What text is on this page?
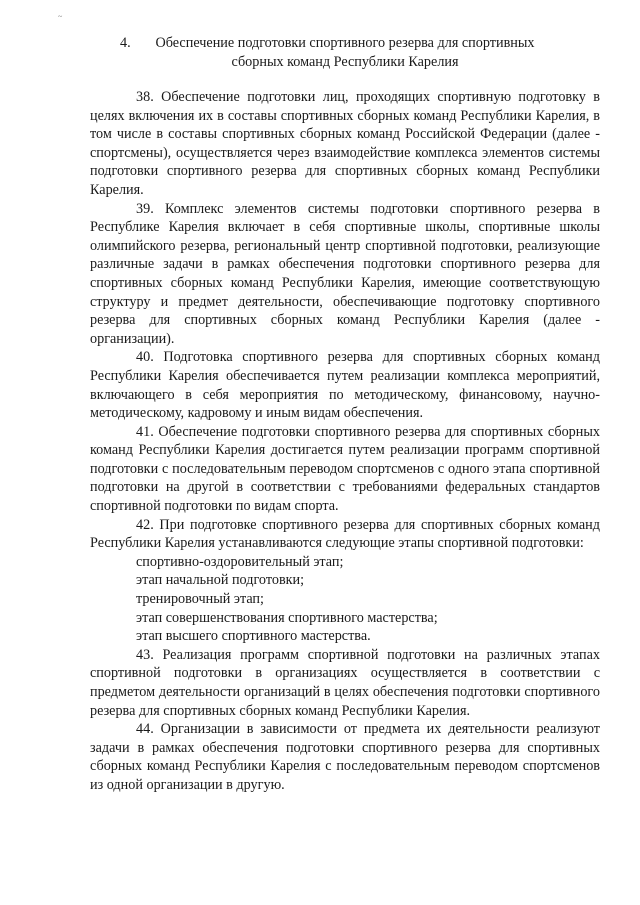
~
4.	Обеспечение подготовки спортивного резерва для спортивных
сборных команд Республики Карелия

38. Обеспечение подготовки лиц, проходящих спортивную подготовку в целях включения их в составы спортивных сборных команд Республики Карелия, в том числе в составы спортивных сборных команд Российской Федерации (далее - спортсмены), осуществляется через взаимодействие комплекса элементов системы подготовки спортивного резерва для спортивных сборных команд Республики Карелия.

39. Комплекс элементов системы подготовки спортивного резерва в Республике Карелия включает в себя спортивные школы, спортивные школы олимпийского резерва, региональный центр спортивной подготовки, реализующие различные задачи в рамках обеспечения подготовки спортивного резерва для спортивных сборных команд Республики Карелия, имеющие соответствующую структуру и предмет деятельности, обеспечивающие подготовку спортивного резерва для спортивных сборных команд Республики Карелия (далее - организации).

40. Подготовка спортивного резерва для спортивных сборных команд Республики Карелия обеспечивается путем реализации комплекса мероприятий, включающего в себя мероприятия по методическому, финансовому, научно-методическому, кадровому и иным видам обеспечения.

41. Обеспечение подготовки спортивного резерва для спортивных сборных команд Республики Карелия достигается путем реализации программ спортивной подготовки с последовательным переводом спортсменов с одного этапа спортивной подготовки на другой в соответствии с требованиями федеральных стандартов спортивной подготовки по видам спорта.

42. При подготовке спортивного резерва для спортивных сборных команд Республики Карелия устанавливаются следующие этапы спортивной подготовки:

спортивно-оздоровительный этап;

этап начальной подготовки;

тренировочный этап;

этап совершенствования спортивного мастерства;

этап высшего спортивного мастерства.

43. Реализация программ спортивной подготовки на различных этапах спортивной подготовки в организациях осуществляется в соответствии с предметом деятельности организаций в целях обеспечения подготовки спортивного резерва для спортивных сборных команд Республики Карелия.

44. Организации в зависимости от предмета их деятельности реализуют задачи в рамках обеспечения подготовки спортивного резерва для спортивных сборных команд Республики Карелия с последовательным переводом спортсменов из одной организации в другую.
